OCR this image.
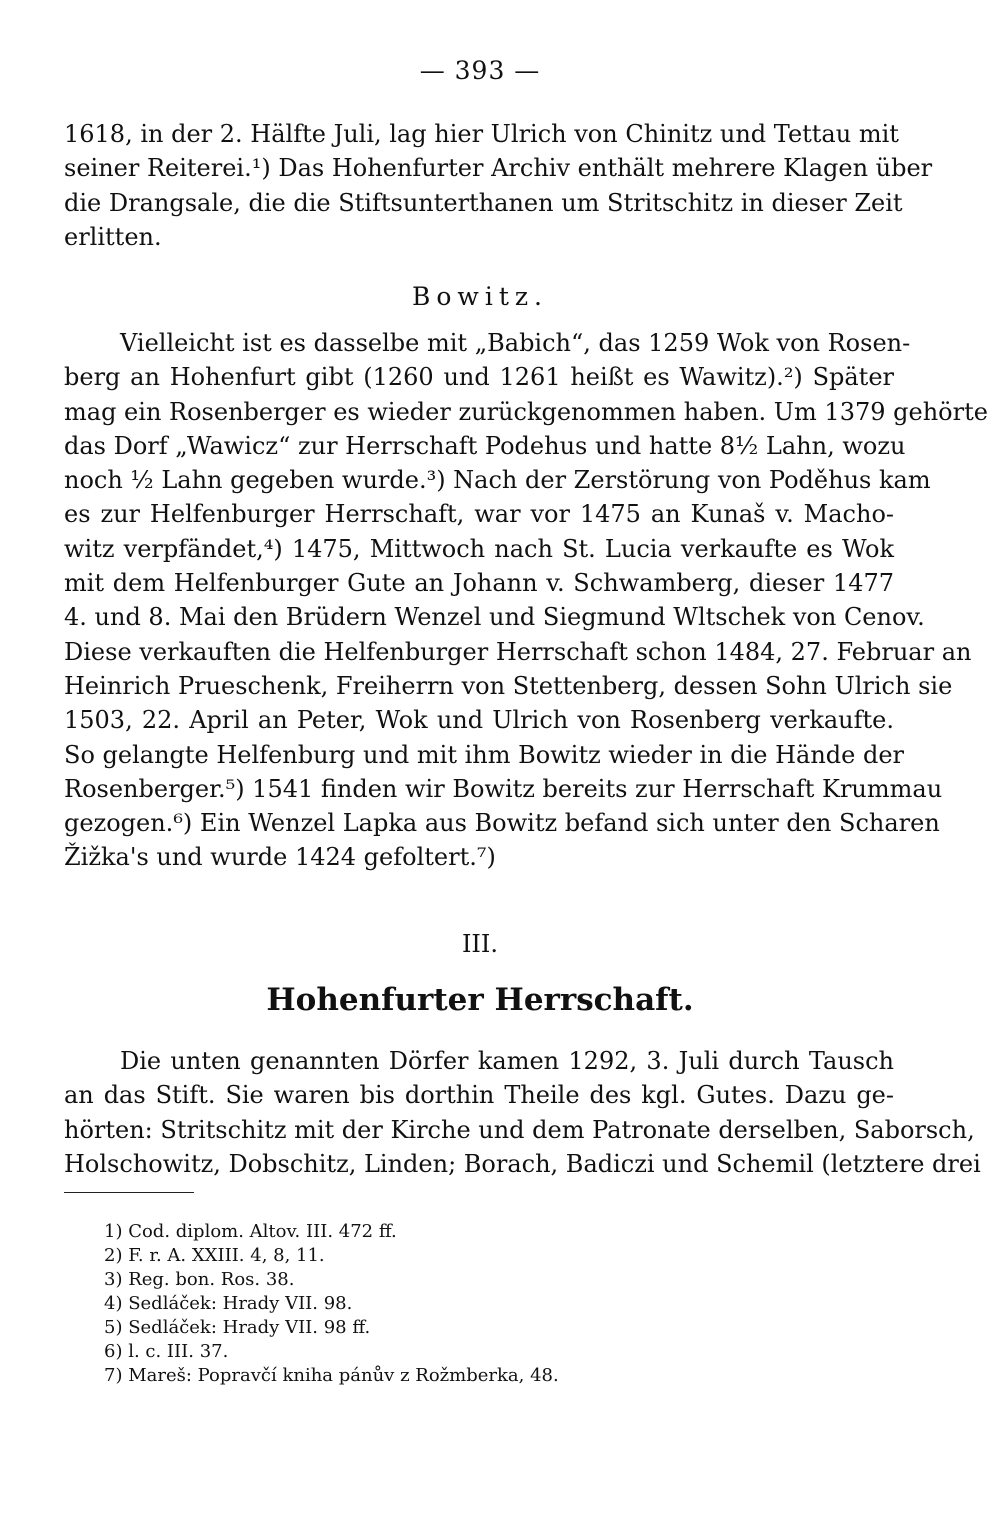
— 393 —

1618, in der 2. Hälfte Juli, lag hier Ulrich von Chinitz und Tettau mit

seiner Reiterei.¹) Das Hohenfurter Archiv enthält mehrere Klagen über

die Drangsale, die die Stiftsunterthanen um Stritschitz in dieser Zeit

erlitten.

Bowitz.

Vielleicht ist es dasselbe mit „Babich“, das 1259 Wok von Rosen-

berg an Hohenfurt gibt (1260 und 1261 heißt es Wawitz).²) Später

mag ein Rosenberger es wieder zurückgenommen haben. Um 1379 gehörte

das Dorf „Wawicz“ zur Herrschaft Podehus und hatte 8½ Lahn, wozu

noch ½ Lahn gegeben wurde.³) Nach der Zerstörung von Poděhus kam

es zur Helfenburger Herrschaft, war vor 1475 an Kunaš v. Macho-

witz verpfändet,⁴) 1475, Mittwoch nach St. Lucia verkaufte es Wok

mit dem Helfenburger Gute an Johann v. Schwamberg, dieser 1477

4. und 8. Mai den Brüdern Wenzel und Siegmund Wltschek von Cenov.

Diese verkauften die Helfenburger Herrschaft schon 1484, 27. Februar an

Heinrich Prueschenk, Freiherrn von Stettenberg, dessen Sohn Ulrich sie

1503, 22. April an Peter, Wok und Ulrich von Rosenberg verkaufte.

So gelangte Helfenburg und mit ihm Bowitz wieder in die Hände der

Rosenberger.⁵) 1541 finden wir Bowitz bereits zur Herrschaft Krummau

gezogen.⁶) Ein Wenzel Lapka aus Bowitz befand sich unter den Scharen

Žižka's und wurde 1424 gefoltert.⁷)

III.
Hohenfurter Herrschaft.

Die unten genannten Dörfer kamen 1292, 3. Juli durch Tausch

an das Stift. Sie waren bis dorthin Theile des kgl. Gutes. Dazu ge-

hörten: Stritschitz mit der Kirche und dem Patronate derselben, Saborsch,

Holschowitz, Dobschitz, Linden; Borach, Badiczi und Schemil (letztere drei

1) Cod. diplom. Altov. III. 472 ff.

2) F. r. A. XXIII. 4, 8, 11.

3) Reg. bon. Ros. 38.

4) Sedláček: Hrady VII. 98.

5) Sedláček: Hrady VII. 98 ff.

6) l. c. III. 37.

7) Mareš: Popravčí kniha pánův z Rožmberka, 48.
